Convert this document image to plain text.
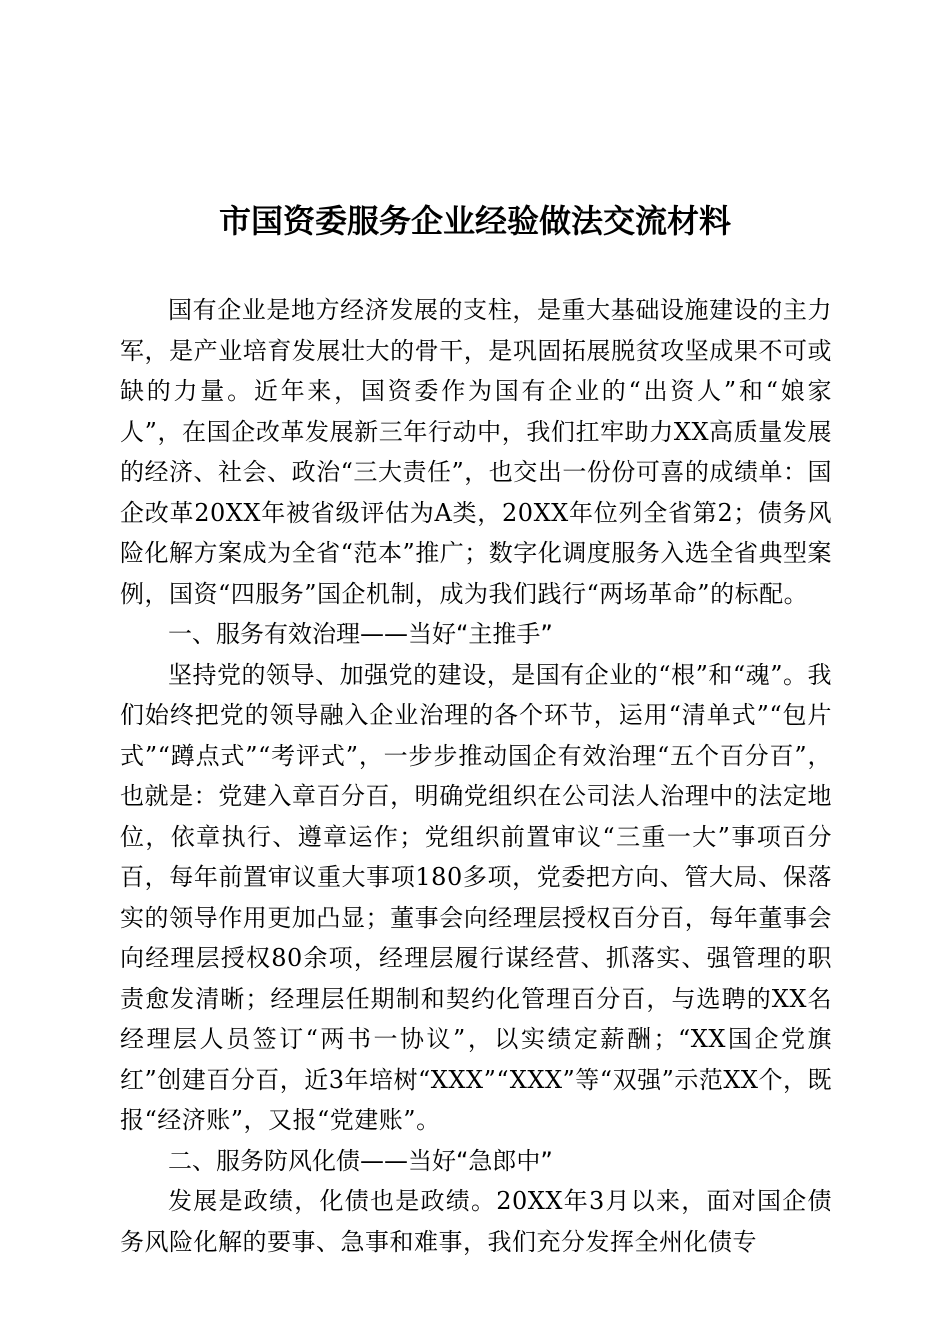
市国资委服务企业经验做法交流材料

国有企业是地方经济发展的支柱，是重大基础设施建设的主力军，是产业培育发展壮大的骨干，是巩固拓展脱贫攻坚成果不可或缺的力量。近年来，国资委作为国有企业的“出资人”和“娘家人”，在国企改革发展新三年行动中，我们扛牢助力XX高质量发展的经济、社会、政治“三大责任”，也交出一份份可喜的成绩单：国企改革20XX年被省级评估为A类，20XX年位列全省第2；债务风险化解方案成为全省“范本”推广；数字化调度服务入选全省典型案例，国资“四服务”国企机制，成为我们践行“两场革命”的标配。

一、服务有效治理——当好“主推手”

坚持党的领导、加强党的建设，是国有企业的“根”和“魂”。我们始终把党的领导融入企业治理的各个环节，运用“清单式”“包片式”“蹲点式”“考评式”，一步步推动国企有效治理“五个百分百”，也就是：党建入章百分百，明确党组织在公司法人治理中的法定地位，依章执行、遵章运作；党组织前置审议“三重一大”事项百分百，每年前置审议重大事项180多项，党委把方向、管大局、保落实的领导作用更加凸显；董事会向经理层授权百分百，每年董事会向经理层授权80余项，经理层履行谋经营、抓落实、强管理的职责愈发清晰；经理层任期制和契约化管理百分百，与选聘的XX名经理层人员签订“两书一协议”，以实绩定薪酬；“XX国企党旗红”创建百分百，近3年培树“XXX”“XXX”等“双强”示范XX个，既报“经济账”，又报“党建账”。

二、服务防风化债——当好“急郎中”

发展是政绩，化债也是政绩。20XX年3月以来，面对国企债务风险化解的要事、急事和难事，我们充分发挥全州化债专
